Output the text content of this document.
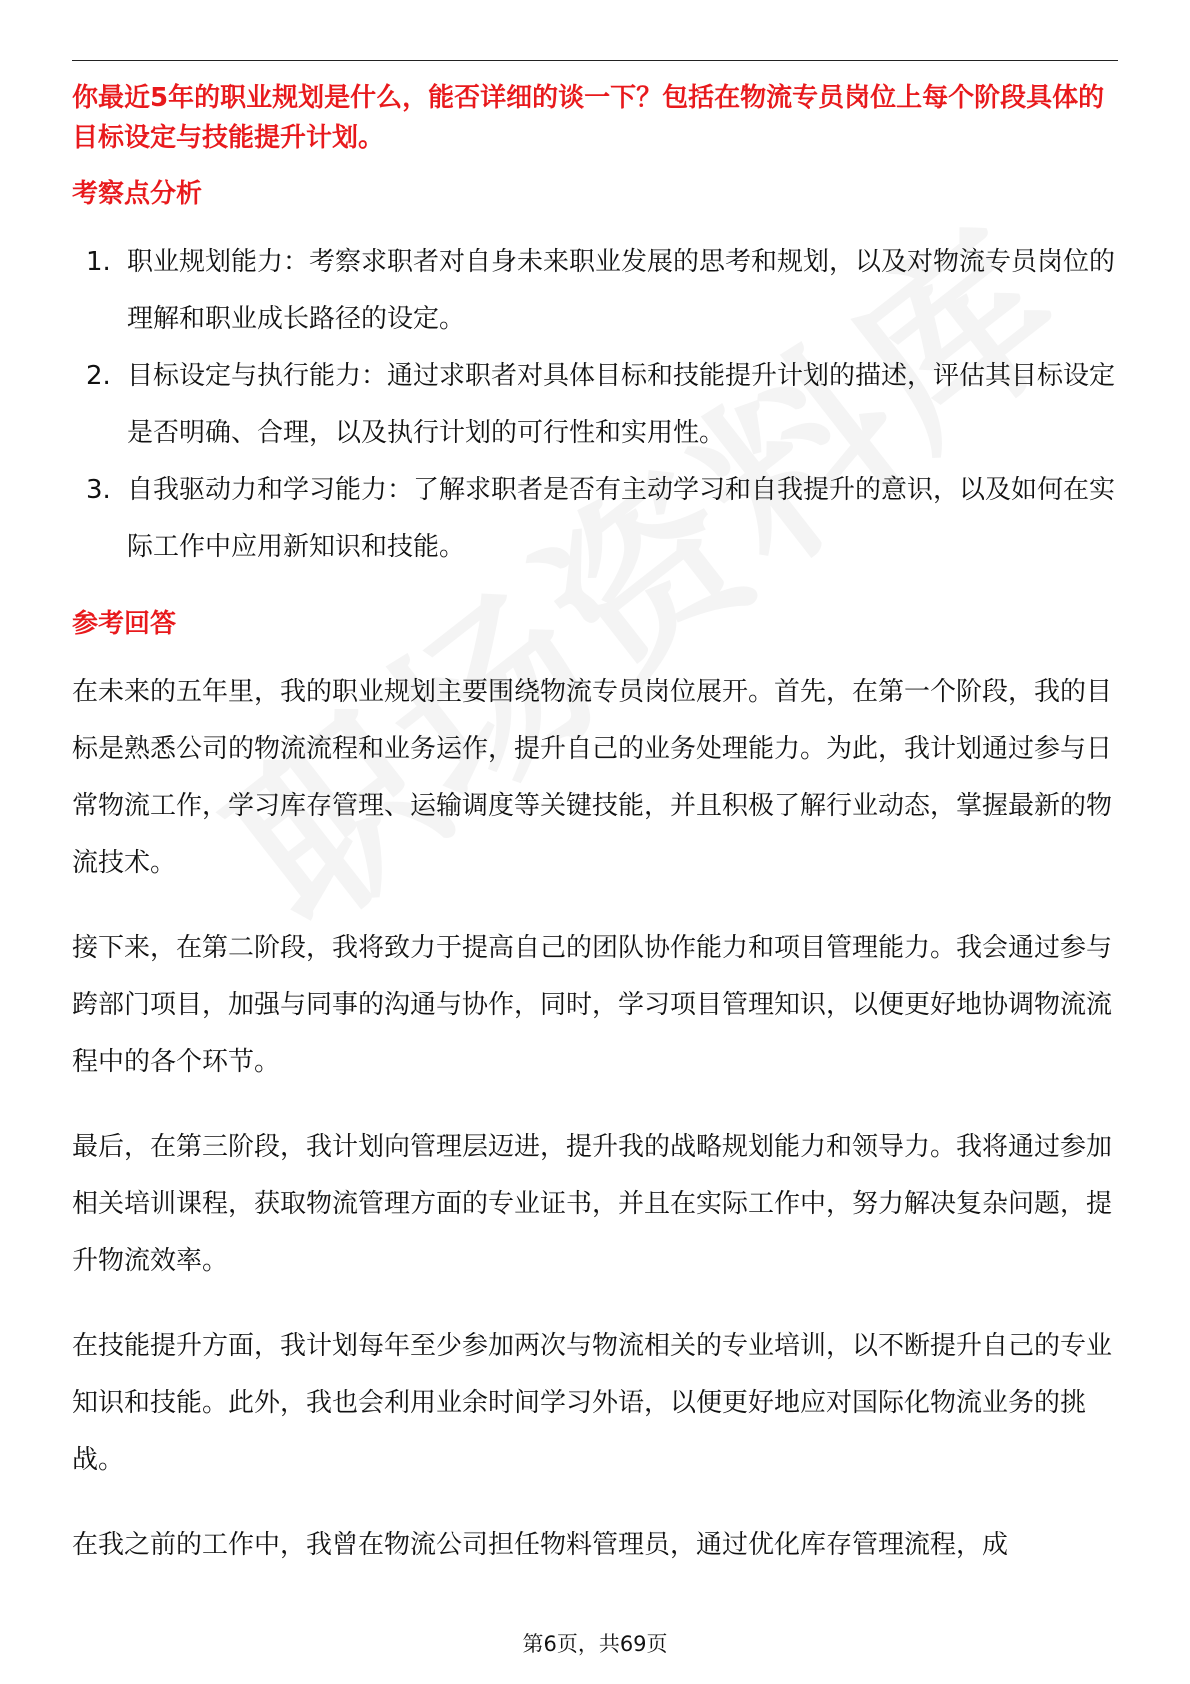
你最近5年的职业规划是什么，能否详细的谈一下？包括在物流专员岗位上每个阶段具体的目标设定与技能提升计划。

考察点分析
1. 职业规划能力：考察求职者对自身未来职业发展的思考和规划，以及对物流专员岗位的理解和职业成长路径的设定。
2. 目标设定与执行能力：通过求职者对具体目标和技能提升计划的描述，评估其目标设定是否明确、合理，以及执行计划的可行性和实用性。
3. 自我驱动力和学习能力：了解求职者是否有主动学习和自我提升的意识，以及如何在实际工作中应用新知识和技能。
参考回答

在未来的五年里，我的职业规划主要围绕物流专员岗位展开。首先，在第一个阶段，我的目标是熟悉公司的物流流程和业务运作，提升自己的业务处理能力。为此，我计划通过参与日常物流工作，学习库存管理、运输调度等关键技能，并且积极了解行业动态，掌握最新的物流技术。

接下来，在第二阶段，我将致力于提高自己的团队协作能力和项目管理能力。我会通过参与跨部门项目，加强与同事的沟通与协作，同时，学习项目管理知识，以便更好地协调物流流程中的各个环节。

最后，在第三阶段，我计划向管理层迈进，提升我的战略规划能力和领导力。我将通过参加相关培训课程，获取物流管理方面的专业证书，并且在实际工作中，努力解决复杂问题，提升物流效率。

在技能提升方面，我计划每年至少参加两次与物流相关的专业培训，以不断提升自己的专业知识和技能。此外，我也会利用业余时间学习外语，以便更好地应对国际化物流业务的挑战。

在我之前的工作中，我曾在物流公司担任物料管理员，通过优化库存管理流程，成

第6页，共69页
